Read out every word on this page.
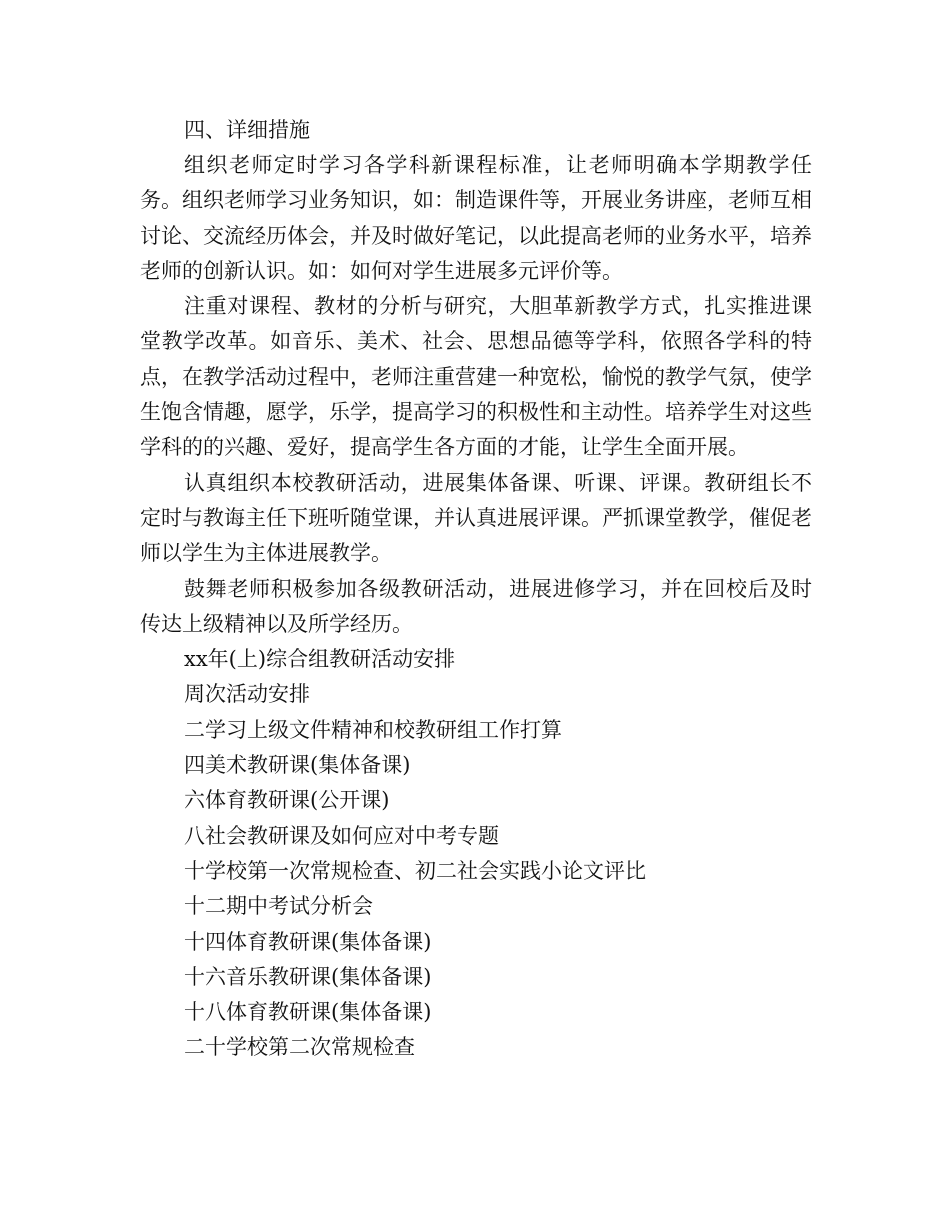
四、详细措施

组织老师定时学习各学科新课程标准，让老师明确本学期教学任务。组织老师学习业务知识，如：制造课件等，开展业务讲座，老师互相讨论、交流经历体会，并及时做好笔记，以此提高老师的业务水平，培养老师的创新认识。如：如何对学生进展多元评价等。

注重对课程、教材的分析与研究，大胆革新教学方式，扎实推进课堂教学改革。如音乐、美术、社会、思想品德等学科，依照各学科的特点，在教学活动过程中，老师注重营建一种宽松，愉悦的教学气氛，使学生饱含情趣，愿学，乐学，提高学习的积极性和主动性。培养学生对这些学科的的兴趣、爱好，提高学生各方面的才能，让学生全面开展。

认真组织本校教研活动，进展集体备课、听课、评课。教研组长不定时与教诲主任下班听随堂课，并认真进展评课。严抓课堂教学，催促老师以学生为主体进展教学。

鼓舞老师积极参加各级教研活动，进展进修学习，并在回校后及时传达上级精神以及所学经历。

xx年(上)综合组教研活动安排
周次活动安排
二学习上级文件精神和校教研组工作打算
四美术教研课(集体备课)
六体育教研课(公开课)
八社会教研课及如何应对中考专题
十学校第一次常规检查、初二社会实践小论文评比
十二期中考试分析会
十四体育教研课(集体备课)
十六音乐教研课(集体备课)
十八体育教研课(集体备课)
二十学校第二次常规检查
